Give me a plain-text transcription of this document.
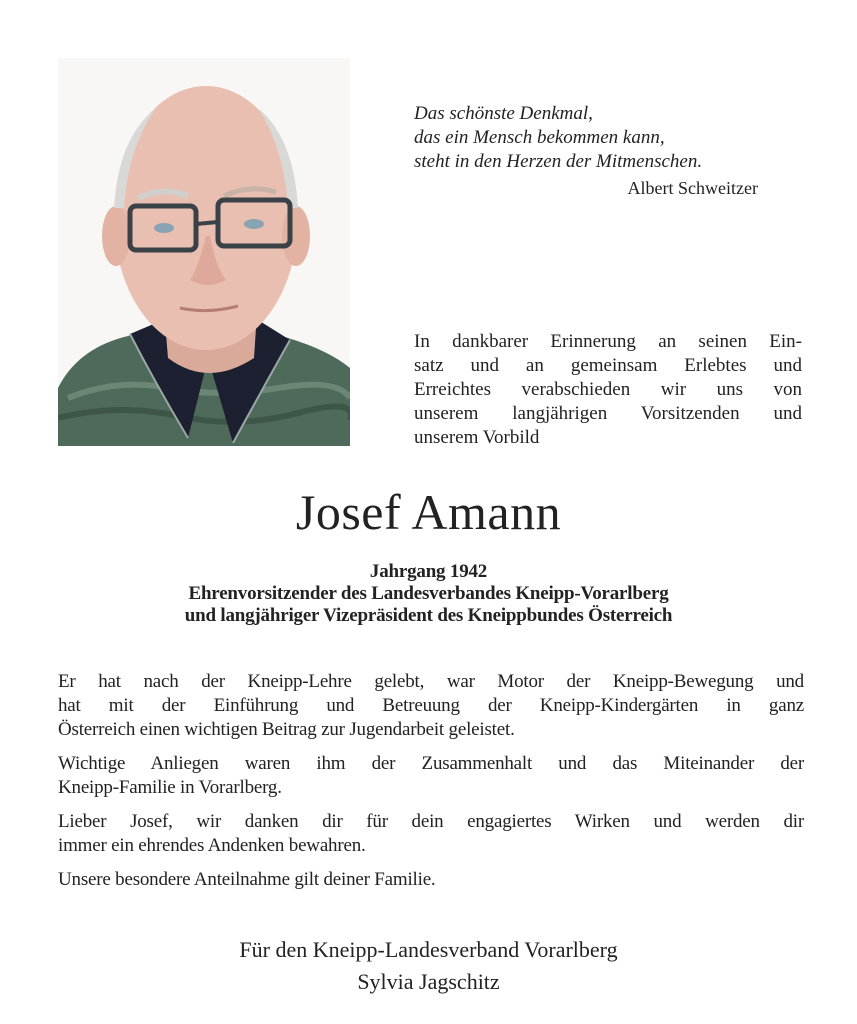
Das schönste Denkmal,
das ein Mensch bekommen kann,
steht in den Herzen der Mitmenschen.
Albert Schweitzer
In dankbarer Erinnerung an seinen Ein-
satz und an gemeinsam Erlebtes und
Erreichtes verabschieden wir uns von
unserem langjährigen Vorsitzenden und
unserem Vorbild
Josef Amann
Jahrgang 1942
Ehrenvorsitzender des Landesverbandes Kneipp-Vorarlberg
und langjähriger Vizepräsident des Kneippbundes Österreich

Er hat nach der Kneipp-Lehre gelebt, war Motor der Kneipp-Bewegung und
hat mit der Einführung und Betreuung der Kneipp-Kindergärten in ganz
Österreich einen wichtigen Beitrag zur Jugendarbeit geleistet.

Wichtige Anliegen waren ihm der Zusammenhalt und das Miteinander der
Kneipp-Familie in Vorarlberg.

Lieber Josef, wir danken dir für dein engagiertes Wirken und werden dir
immer ein ehrendes Andenken bewahren.

Unsere besondere Anteilnahme gilt deiner Familie.

Für den Kneipp-Landesverband Vorarlberg
Sylvia Jagschitz
